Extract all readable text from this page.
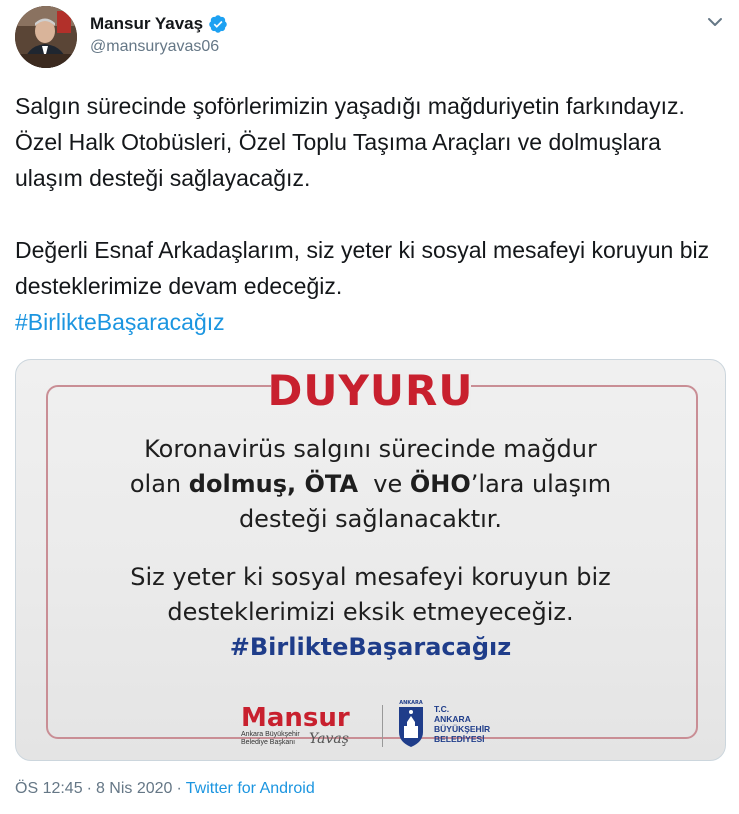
Mansur Yavaş
@mansuryavas06
Salgın sürecinde şoförlerimizin yaşadığı mağduriyetin farkındayız. Özel Halk Otobüsleri, Özel Toplu Taşıma Araçları ve dolmuşlara ulaşım desteği sağlayacağız.

Değerli Esnaf Arkadaşlarım, siz yeter ki sosyal mesafeyi koruyun biz desteklerimize devam edeceğiz.
#BirlikteBaşaracağız
DUYURU
Koronavirüs salgını sürecinde mağdur
olan dolmuş, ÖTA  ve ÖHO’lara ulaşım
desteği sağlanacaktır.
Siz yeter ki sosyal mesafeyi koruyun biz
desteklerimizi eksik etmeyeceğiz.
#BirlikteBaşaracağız
Mansur
Ankara Büyükşehir Belediye Başkanı Yavaş
ANKARA
T.C.
ANKARA
BÜYÜKŞEHİR
BELEDİYESİ
ÖS 12:45 · 8 Nis 2020 · Twitter for Android
